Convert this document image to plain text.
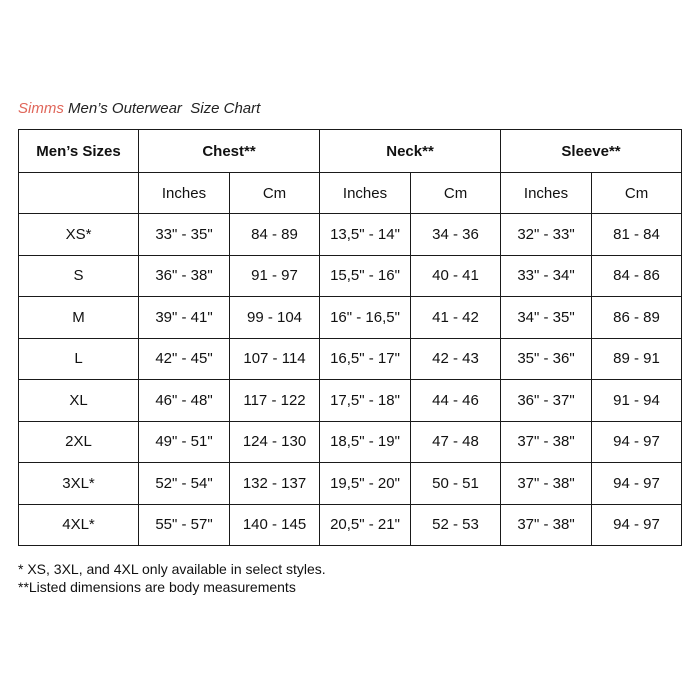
Simms Men’s Outerwear  Size Chart
Men’s Sizes	Chest**		Neck**		Sleeve**	
	Inches	Cm	Inches	Cm	Inches	Cm
XS*	33" - 35"	84 - 89	13,5" - 14"	34 - 36	32" - 33"	81 - 84
S	36" - 38"	91 - 97	15,5" - 16"	40 - 41	33" - 34"	84 - 86
M	39" - 41"	99 - 104	16" - 16,5"	41 - 42	34" - 35"	86 - 89
L	42" - 45"	107 - 114	16,5" - 17"	42 - 43	35" - 36"	89 - 91
XL	46" - 48"	117 - 122	17,5" - 18"	44 - 46	36" - 37"	91 - 94
2XL	49" - 51"	124 - 130	18,5" - 19"	47 - 48	37" - 38"	94 - 97
3XL*	52" - 54"	132 - 137	19,5" - 20"	50 - 51	37" - 38"	94 - 97
4XL*	55" - 57"	140 - 145	20,5" - 21"	52 - 53	37" - 38"	94 - 97
* XS, 3XL, and 4XL only available in select styles.
**Listed dimensions are body measurements
